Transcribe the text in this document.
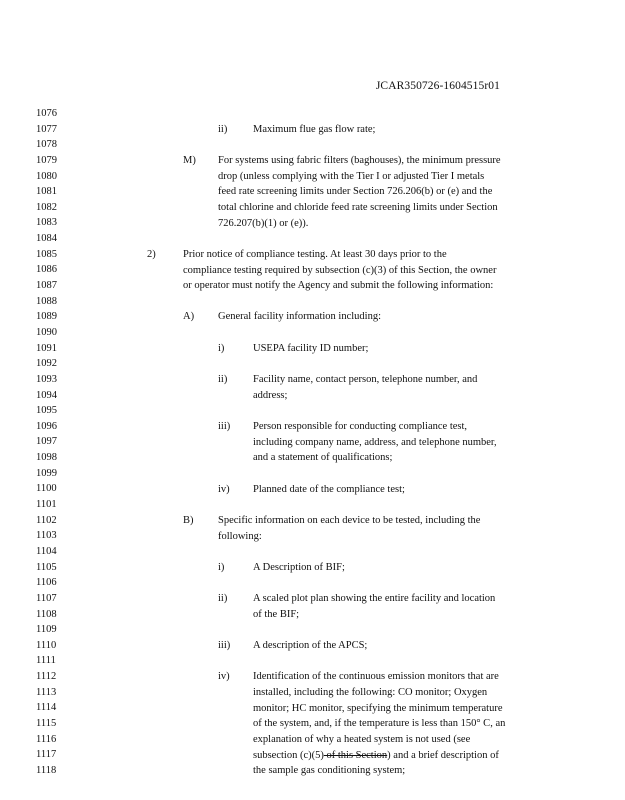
JCAR350726-1604515r01
1076
1077
1078
1079
1080
1081
1082
1083
1084
1085
1086
1087
1088
1089
1090
1091
1092
1093
1094
1095
1096
1097
1098
1099
1100
1101
1102
1103
1104
1105
1106
1107
1108
1109
1110
1111
1112
1113
1114
1115
1116
1117
1118
ii) Maximum flue gas flow rate;
M) For systems using fabric filters (baghouses), the minimum pressure
drop (unless complying with the Tier I or adjusted Tier I metals
feed rate screening limits under Section 726.206(b) or (e) and the
total chlorine and chloride feed rate screening limits under Section
726.207(b)(1) or (e)).
2)	Prior notice of compliance testing. At least 30 days prior to the
compliance testing required by subsection (c)(3) of this Section, the owner
or operator must notify the Agency and submit the following information:
A) General facility information including:
i)	USEPA facility ID number;
ii) Facility name, contact person, telephone number, and
address;
iii) Person responsible for conducting compliance test,
including company name, address, and telephone number,
and a statement of qualifications;
iv) Planned date of the compliance test;
B) Specific information on each device to be tested, including the
following:
i)	A Description of BIF;
ii) A scaled plot plan showing the entire facility and location
of the BIF;
iii) A description of the APCS;
iv) Identification of the continuous emission monitors that are
installed, including the following: CO monitor; Oxygen
monitor; HC monitor, specifying the minimum temperature
of the system, and, if the temperature is less than 150° C, an
explanation of why a heated system is not used (see
subsection (c)(5) of this Section) and a brief description of
the sample gas conditioning system;
